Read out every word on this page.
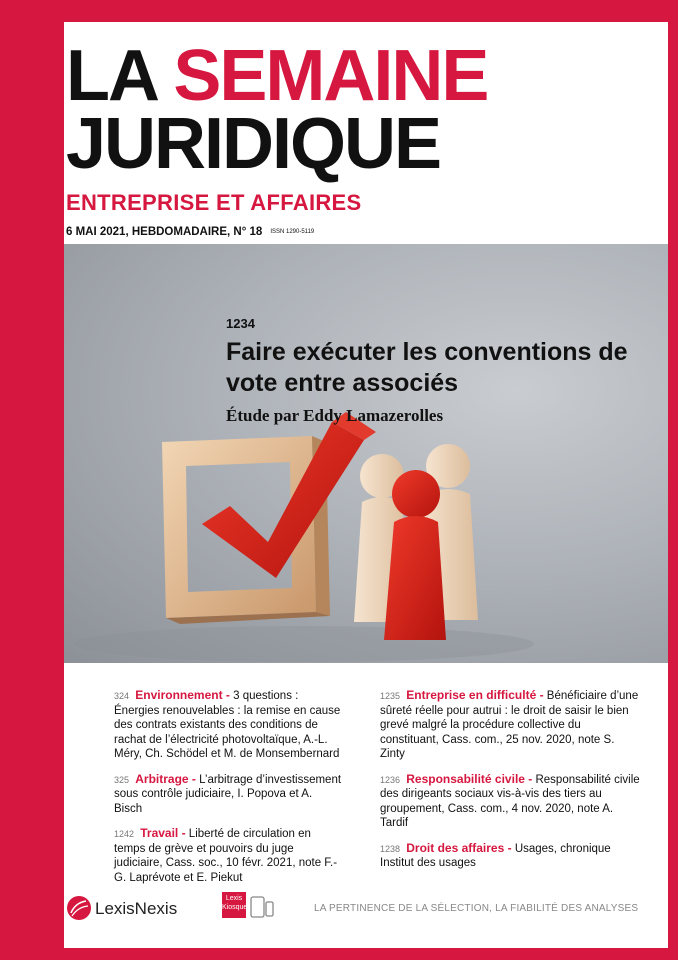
LA SEMAINE
JURIDIQUE
ENTREPRISE ET AFFAIRES
6 MAI 2021, HEBDOMADAIRE, N° 18 ISSN 1290-5119
1234
Faire exécuter les conventions de vote entre associés
Étude par Eddy Lamazerolles
324 Environnement - 3 questions : Énergies renouvelables : la remise en cause des contrats existants des conditions de rachat de l’électricité photovoltaïque, A.-L. Méry, Ch. Schödel et M. de Monsembernard
325 Arbitrage - L’arbitrage d’investissement sous contrôle judiciaire, I. Popova et A. Bisch
1242 Travail - Liberté de circulation en temps de grève et pouvoirs du juge judiciaire, Cass. soc., 10 févr. 2021, note F.-G. Laprévote et E. Piekut
1235 Entreprise en difficulté - Bénéficiaire d’une sûreté réelle pour autrui : le droit de saisir le bien grevé malgré la procédure collective du constituant, Cass. com., 25 nov. 2020, note S. Zinty
1236 Responsabilité civile - Responsabilité civile des dirigeants sociaux vis-à-vis des tiers au groupement, Cass. com., 4 nov. 2020, note A. Tardif
1238 Droit des affaires - Usages, chronique Institut des usages
LexisNexis
Lexis
Kiosque	LA PERTINENCE DE LA SÉLECTION, LA FIABILITÉ DES ANALYSES
